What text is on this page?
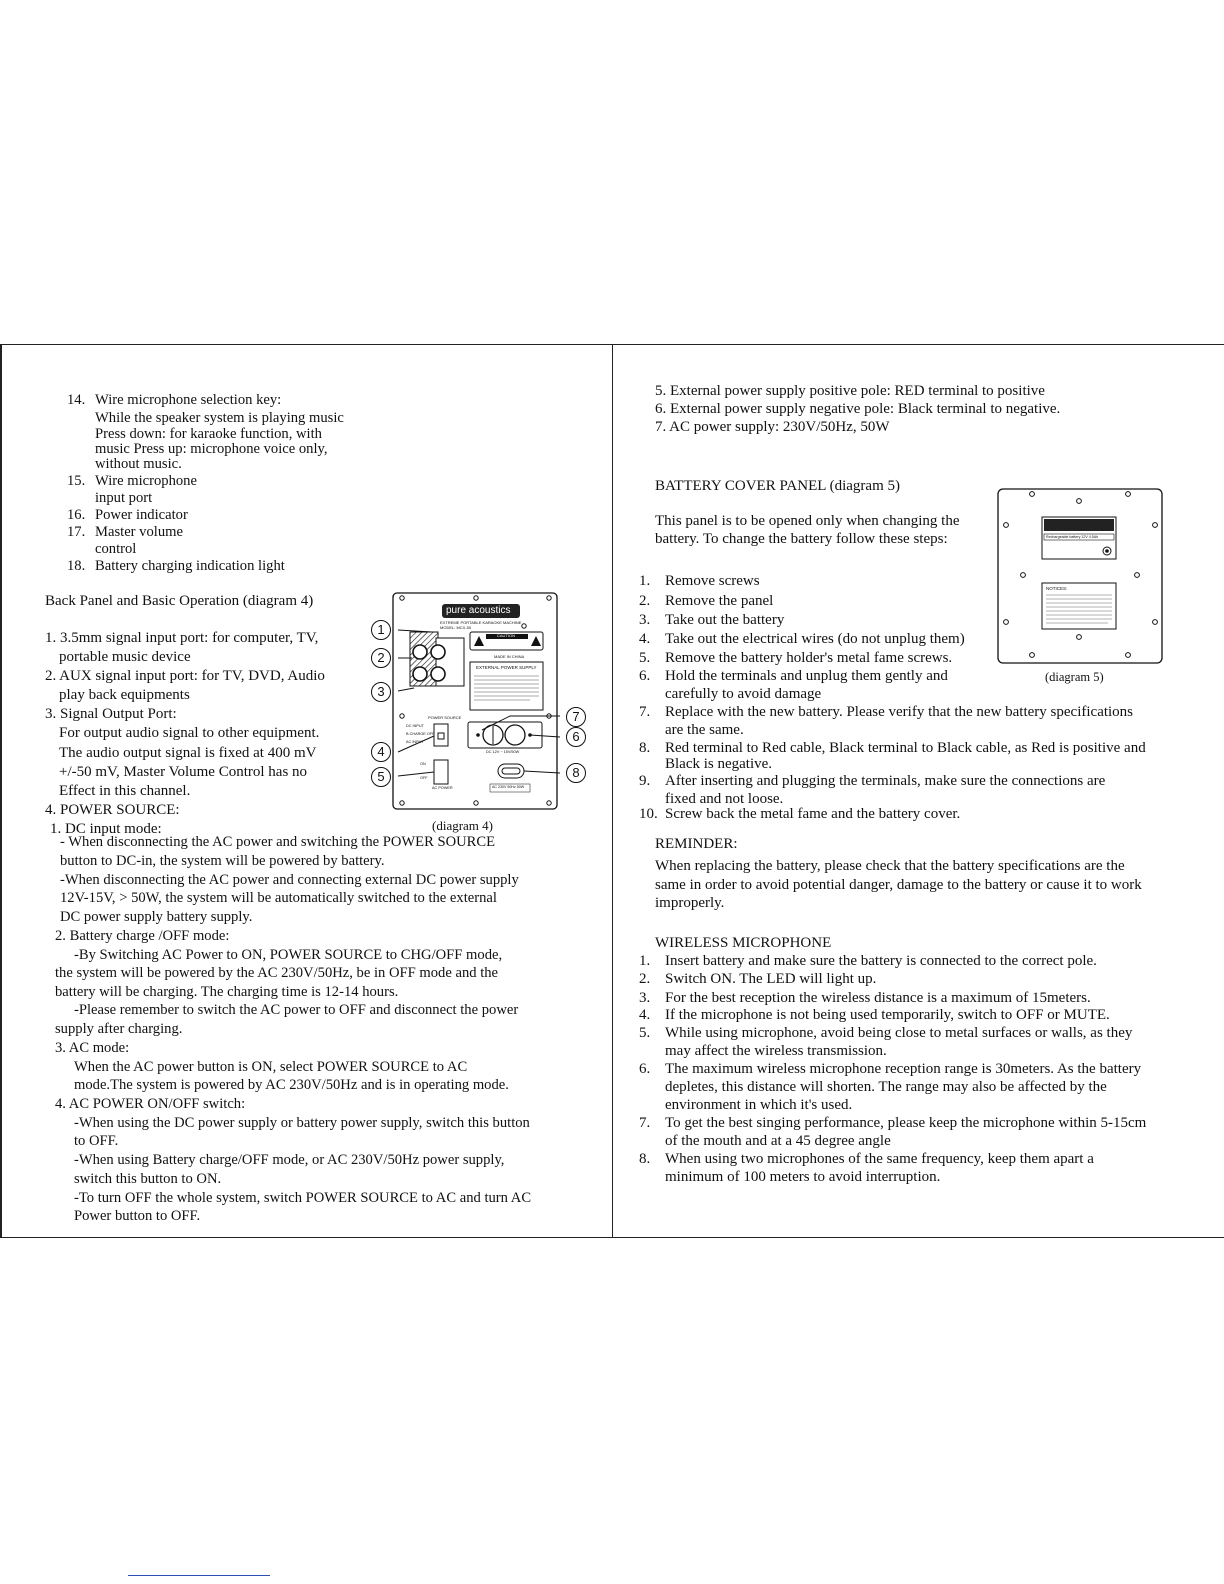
14. Wire microphone selection key:
While the speaker system is playing music
Press down: for karaoke function, with
music Press up: microphone voice only,
without music.
15. Wire microphone
input port
16. Power indicator
17. Master volume
control
18. Battery charging indication light
Back Panel and Basic Operation (diagram 4)
1. 3.5mm signal input port: for computer, TV,
portable music device
2. AUX signal input port: for TV, DVD, Audio
play back equipments
3. Signal Output Port:
For output audio signal to other equipment.
The audio output signal is fixed at 400 mV
+/-50 mV, Master Volume Control has no
Effect in this channel.
4. POWER SOURCE:
1. DC input mode:
pure acoustics
EXTREME PORTABLE KARAOKE MACHINE
MODEL: MCX-50
CAUTION
MADE IN CHINA
EXTERNAL POWER SUPPLY
POWER SOURCE
DC INPUT
B.CHARGE OFF
AC INPUT
ON
OFF
AC POWER
DC 12V ~ 15V/50W
AC 230V 50Hz 50W
1
2
3
4
5
6
7
8
(diagram 4)
- When disconnecting the AC power and switching the POWER SOURCE
button to DC-in, the system will be powered by battery.
-When disconnecting the AC power and connecting external DC power supply
12V-15V, > 50W, the system will be automatically switched to the external
DC power supply battery supply.
2. Battery charge /OFF mode:
-By Switching AC Power to ON, POWER SOURCE to CHG/OFF mode,
the system will be powered by the AC 230V/50Hz, be in OFF mode and the
battery will be charging. The charging time is 12-14 hours.
-Please remember to switch the AC power to OFF and disconnect the power
supply after charging.
3. AC mode:
When the AC power button is ON, select POWER SOURCE to AC
mode.The system is powered by AC 230V/50Hz and is in operating mode.
4. AC POWER ON/OFF switch:
-When using the DC power supply or battery power supply, switch this button
to OFF.
-When using Battery charge/OFF mode, or AC 230V/50Hz power supply,
switch this button to ON.
-To turn OFF the whole system, switch POWER SOURCE to AC and turn AC
Power button to OFF.
5. External power supply positive pole: RED terminal to positive
6. External power supply negative pole: Black terminal to negative.
7. AC power supply: 230V/50Hz, 50W
BATTERY COVER PANEL (diagram 5)
This panel is to be opened only when changing the
battery. To change the battery follow these steps:	Rechargeable battery 12V 4.5Ah
NOTICES:
(diagram 5)
1. Remove screws
2. Remove the panel
3. Take out the battery
4. Take out the electrical wires (do not unplug them)
5. Remove the battery holder's metal fame screws.
6. Hold the terminals and unplug them gently and
carefully to avoid damage
7. Replace with the new battery. Please verify that the new battery specifications
are the same.
8. Red terminal to Red cable, Black terminal to Black cable, as Red is positive and
Black is negative.
9. After inserting and plugging the terminals, make sure the connections are
fixed and not loose.
10. Screw back the metal fame and the battery cover.
REMINDER:
When replacing the battery, please check that the battery specifications are the
same in order to avoid potential danger, damage to the battery or cause it to work
improperly.
WIRELESS MICROPHONE
1. Insert battery and make sure the battery is connected to the correct pole.
2. Switch ON. The LED will light up.
3. For the best reception the wireless distance is a maximum of 15meters.
4. If the microphone is not being used temporarily, switch to OFF or MUTE.
5. While using microphone, avoid being close to metal surfaces or walls, as they
may affect the wireless transmission.
6. The maximum wireless microphone reception range is 30meters. As the battery
depletes, this distance will shorten. The range may also be affected by the
environment in which it's used.
7. To get the best singing performance, please keep the microphone within 5-15cm
of the mouth and at a 45 degree angle
8. When using two microphones of the same frequency, keep them apart a
minimum of 100 meters to avoid interruption.
